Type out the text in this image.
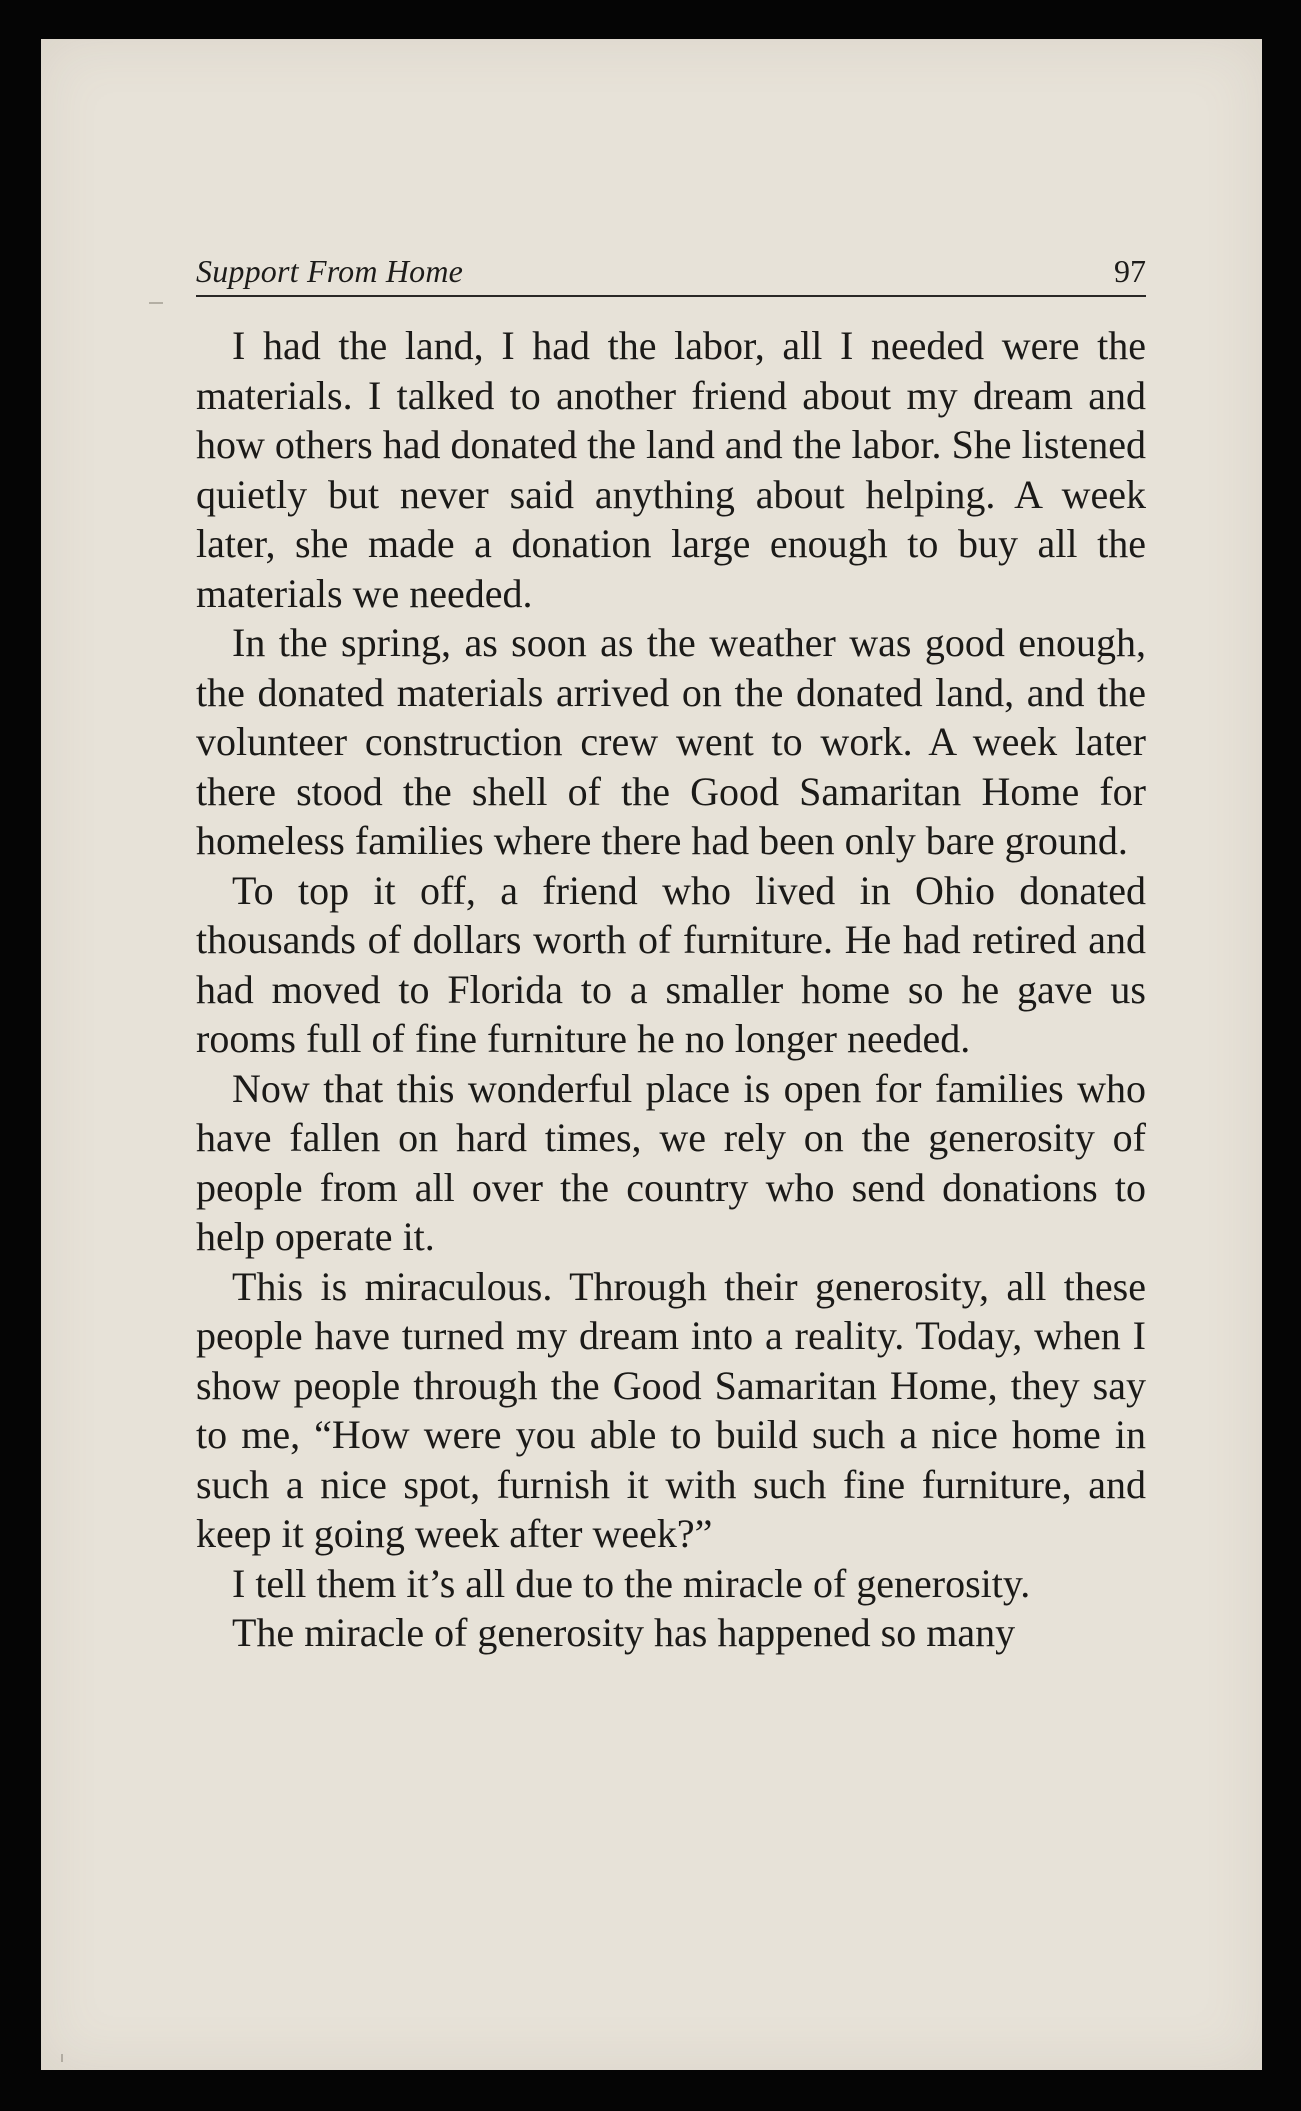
Support From Home	97

I had the land, I had the labor, all I needed were the materials. I talked to another friend about my dream and how others had donated the land and the labor. She listened quietly but never said anything about helping. A week later, she made a donation large enough to buy all the materials we needed.

In the spring, as soon as the weather was good enough, the donated materials arrived on the donated land, and the volunteer construction crew went to work. A week later there stood the shell of the Good Samaritan Home for homeless families where there had been only bare ground.

To top it off, a friend who lived in Ohio donated thousands of dollars worth of furniture. He had retired and had moved to Florida to a smaller home so he gave us rooms full of fine furniture he no longer needed.

Now that this wonderful place is open for families who have fallen on hard times, we rely on the generosity of people from all over the country who send donations to help operate it.

This is miraculous. Through their generosity, all these people have turned my dream into a reality. Today, when I show people through the Good Samaritan Home, they say to me, “How were you able to build such a nice home in such a nice spot, furnish it with such fine furniture, and keep it going week after week?”

I tell them it’s all due to the miracle of generosity.

The miracle of generosity has happened so many
